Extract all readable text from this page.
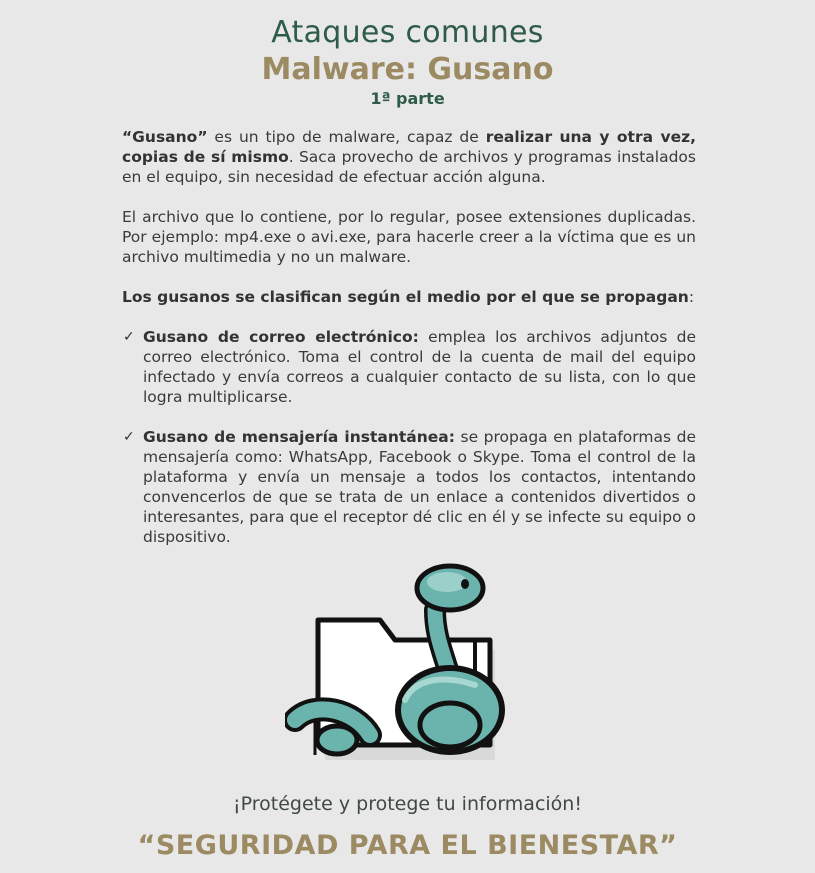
Ataques comunes
Malware: Gusano
1ª parte

“Gusano” es un tipo de malware, capaz de realizar una y otra vez, copias de sí mismo. Saca provecho de archivos y programas instalados en el equipo, sin necesidad de efectuar acción alguna.

El archivo que lo contiene, por lo regular, posee extensiones duplicadas. Por ejemplo: mp4.exe o avi.exe, para hacerle creer a la víctima que es un archivo multimedia y no un malware.

Los gusanos se clasifican según el medio por el que se propagan:

✓ Gusano de correo electrónico: emplea los archivos adjuntos de correo electrónico. Toma el control de la cuenta de mail del equipo infectado y envía correos a cualquier contacto de su lista, con lo que logra multiplicarse.
✓ Gusano de mensajería instantánea: se propaga en plataformas de mensajería como: WhatsApp, Facebook o Skype. Toma el control de la plataforma y envía un mensaje a todos los contactos, intentando convencerlos de que se trata de un enlace a contenidos divertidos o interesantes, para que el receptor dé clic en él y se infecte su equipo o dispositivo.
¡Protégete y protege tu información!
“SEGURIDAD PARA EL BIENESTAR”
